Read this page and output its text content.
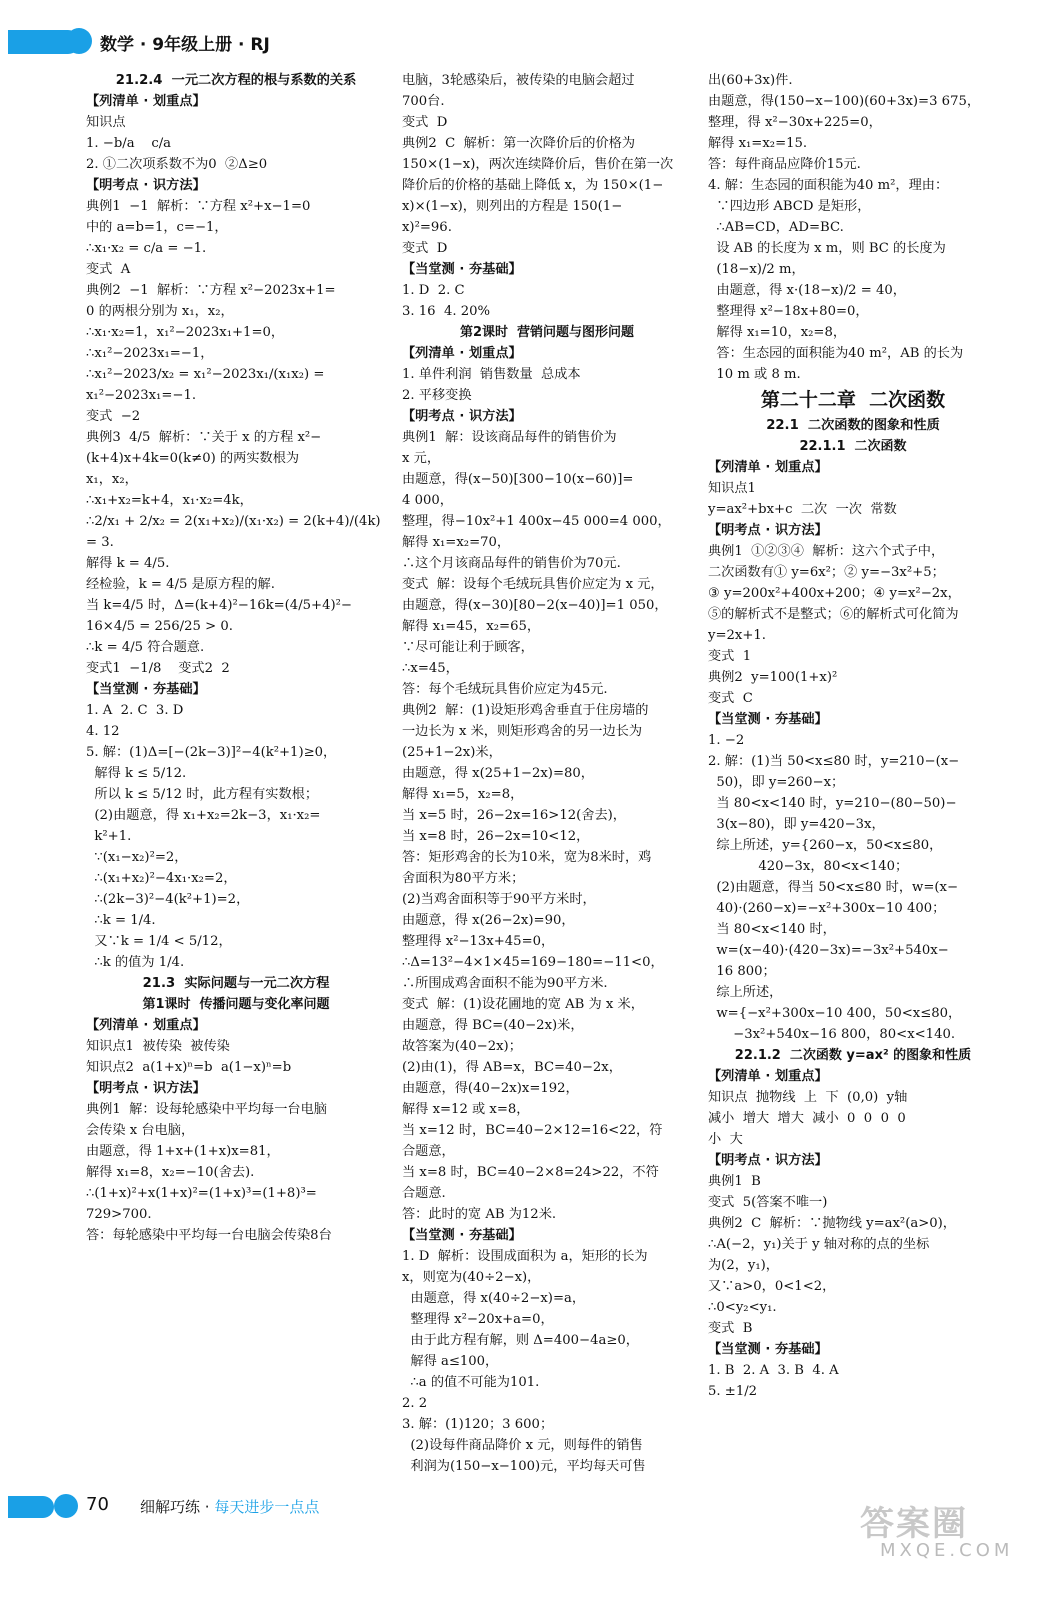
数学 · 9年级上册 · RJ
21.2.4  一元二次方程的根与系数的关系
【列清单 · 划重点】
知识点
1. −b/a    c/a
2. ①二次项系数不为0  ②Δ≥0
【明考点 · 识方法】
典例1  −1  解析：∵方程 x²+x−1=0
中的 a=b=1，c=−1，
∴x₁·x₂ = c/a = −1.
变式  A
典例2  −1  解析：∵方程 x²−2023x+1=
0 的两根分别为 x₁，x₂，
∴x₁·x₂=1，x₁²−2023x₁+1=0，
∴x₁²−2023x₁=−1，
∴x₁²−2023/x₂ = x₁²−2023x₁/(x₁x₂) = x₁²−2023x₁=−1.
变式  −2
典例3  4/5  解析：∵关于 x 的方程 x²−
(k+4)x+4k=0(k≠0) 的两实数根为
x₁，x₂，
∴x₁+x₂=k+4，x₁·x₂=4k，
∴2/x₁ + 2/x₂ = 2(x₁+x₂)/(x₁·x₂) = 2(k+4)/(4k) = 3.
解得 k = 4/5.
经检验，k = 4/5 是原方程的解.
当 k=4/5 时，Δ=(k+4)²−16k=(4/5+4)²−
16×4/5 = 256/25 > 0.
∴k = 4/5 符合题意.
变式1  −1/8    变式2  2
【当堂测 · 夯基础】
1. A  2. C  3. D
4. 12
5. 解：(1)Δ=[−(2k−3)]²−4(k²+1)≥0，
解得 k ≤ 5/12.
所以 k ≤ 5/12 时，此方程有实数根；
(2)由题意，得 x₁+x₂=2k−3，x₁·x₂=
k²+1.
∵(x₁−x₂)²=2，
∴(x₁+x₂)²−4x₁·x₂=2，
∴(2k−3)²−4(k²+1)=2，
∴k = 1/4.
又∵k = 1/4 < 5/12，
∴k 的值为 1/4.
21.3  实际问题与一元二次方程
第1课时  传播问题与变化率问题
【列清单 · 划重点】
知识点1  被传染  被传染
知识点2  a(1+x)ⁿ=b  a(1−x)ⁿ=b
【明考点 · 识方法】
典例1  解：设每轮感染中平均每一台电脑
会传染 x 台电脑，
由题意，得 1+x+(1+x)x=81，
解得 x₁=8，x₂=−10(舍去).
∴(1+x)²+x(1+x)²=(1+x)³=(1+8)³=
729>700.
答：每轮感染中平均每一台电脑会传染8台
电脑，3轮感染后，被传染的电脑会超过
700台.
变式  D
典例2  C  解析：第一次降价后的价格为
150×(1−x)，两次连续降价后，售价在第一次
降价后的价格的基础上降低 x，为 150×(1−
x)×(1−x)，则列出的方程是 150(1−
x)²=96.
变式  D
【当堂测 · 夯基础】
1. D  2. C
3. 16  4. 20%
第2课时  营销问题与图形问题
【列清单 · 划重点】
1. 单件利润  销售数量  总成本
2. 平移变换
【明考点 · 识方法】
典例1  解：设该商品每件的销售价为
x 元，
由题意，得(x−50)[300−10(x−60)]=
4 000，
整理，得−10x²+1 400x−45 000=4 000，
解得 x₁=x₂=70，
∴这个月该商品每件的销售价为70元.
变式  解：设每个毛绒玩具售价应定为 x 元，
由题意，得(x−30)[80−2(x−40)]=1 050，
解得 x₁=45，x₂=65，
∵尽可能让利于顾客，
∴x=45，
答：每个毛绒玩具售价应定为45元.
典例2  解：(1)设矩形鸡舍垂直于住房墙的
一边长为 x 米，则矩形鸡舍的另一边长为
(25+1−2x)米，
由题意，得 x(25+1−2x)=80，
解得 x₁=5，x₂=8，
当 x=5 时，26−2x=16>12(舍去)，
当 x=8 时，26−2x=10<12，
答：矩形鸡舍的长为10米，宽为8米时，鸡
舍面积为80平方米；
(2)当鸡舍面积等于90平方米时，
由题意，得 x(26−2x)=90，
整理得 x²−13x+45=0，
∴Δ=13²−4×1×45=169−180=−11<0，
∴所围成鸡舍面积不能为90平方米.
变式  解：(1)设花圃地的宽 AB 为 x 米，
由题意，得 BC=(40−2x)米，
故答案为(40−2x)；
(2)由(1)，得 AB=x，BC=40−2x，
由题意，得(40−2x)x=192，
解得 x=12 或 x=8，
当 x=12 时，BC=40−2×12=16<22，符
合题意，
当 x=8 时，BC=40−2×8=24>22，不符
合题意.
答：此时的宽 AB 为12米.
【当堂测 · 夯基础】
1. D  解析：设围成面积为 a，矩形的长为
x，则宽为(40÷2−x)，
由题意，得 x(40÷2−x)=a，
整理得 x²−20x+a=0，
由于此方程有解，则 Δ=400−4a≥0，
解得 a≤100，
∴a 的值不可能为101.
2. 2
3. 解：(1)120；3 600；
(2)设每件商品降价 x 元，则每件的销售
利润为(150−x−100)元，平均每天可售
出(60+3x)件.
由题意，得(150−x−100)(60+3x)=3 675，
整理，得 x²−30x+225=0，
解得 x₁=x₂=15.
答：每件商品应降价15元.
4. 解：生态园的面积能为40 m²，理由：
∵四边形 ABCD 是矩形，
∴AB=CD，AD=BC.
设 AB 的长度为 x m，则 BC 的长度为
(18−x)/2 m，
由题意，得 x·(18−x)/2 = 40，
整理得 x²−18x+80=0，
解得 x₁=10，x₂=8，
答：生态园的面积能为40 m²，AB 的长为
10 m 或 8 m.
第二十二章  二次函数
22.1  二次函数的图象和性质
22.1.1  二次函数
【列清单 · 划重点】
知识点1
y=ax²+bx+c  二次  一次  常数
【明考点 · 识方法】
典例1  ①②③④  解析：这六个式子中，
二次函数有① y=6x²；② y=−3x²+5；
③ y=200x²+400x+200；④ y=x²−2x，
⑤的解析式不是整式；⑥的解析式可化简为
y=2x+1.
变式  1
典例2  y=100(1+x)²
变式  C
【当堂测 · 夯基础】
1. −2
2. 解：(1)当 50<x≤80 时，y=210−(x−
50)，即 y=260−x；
当 80<x<140 时，y=210−(80−50)−
3(x−80)，即 y=420−3x，
综上所述，y={260−x，50<x≤80，
420−3x，80<x<140；
(2)由题意，得当 50<x≤80 时，w=(x−
40)·(260−x)=−x²+300x−10 400；
当 80<x<140 时，
w=(x−40)·(420−3x)=−3x²+540x−
16 800；
综上所述，
w={−x²+300x−10 400，50<x≤80，
−3x²+540x−16 800，80<x<140.
22.1.2  二次函数 y=ax² 的图象和性质
【列清单 · 划重点】
知识点  抛物线  上  下  (0,0)  y轴
减小  增大  增大  减小  0  0  0  0
小  大
【明考点 · 识方法】
典例1  B
变式  5(答案不唯一)
典例2  C  解析：∵抛物线 y=ax²(a>0)，
∴A(−2，y₁)关于 y 轴对称的点的坐标
为(2，y₁)，
又∵a>0，0<1<2，
∴0<y₂<y₁.
变式  B
【当堂测 · 夯基础】
1. B  2. A  3. B  4. A
5. ±1/2
70 细解巧练 · 每天进步一点点	答案圈
MXQE.COM
